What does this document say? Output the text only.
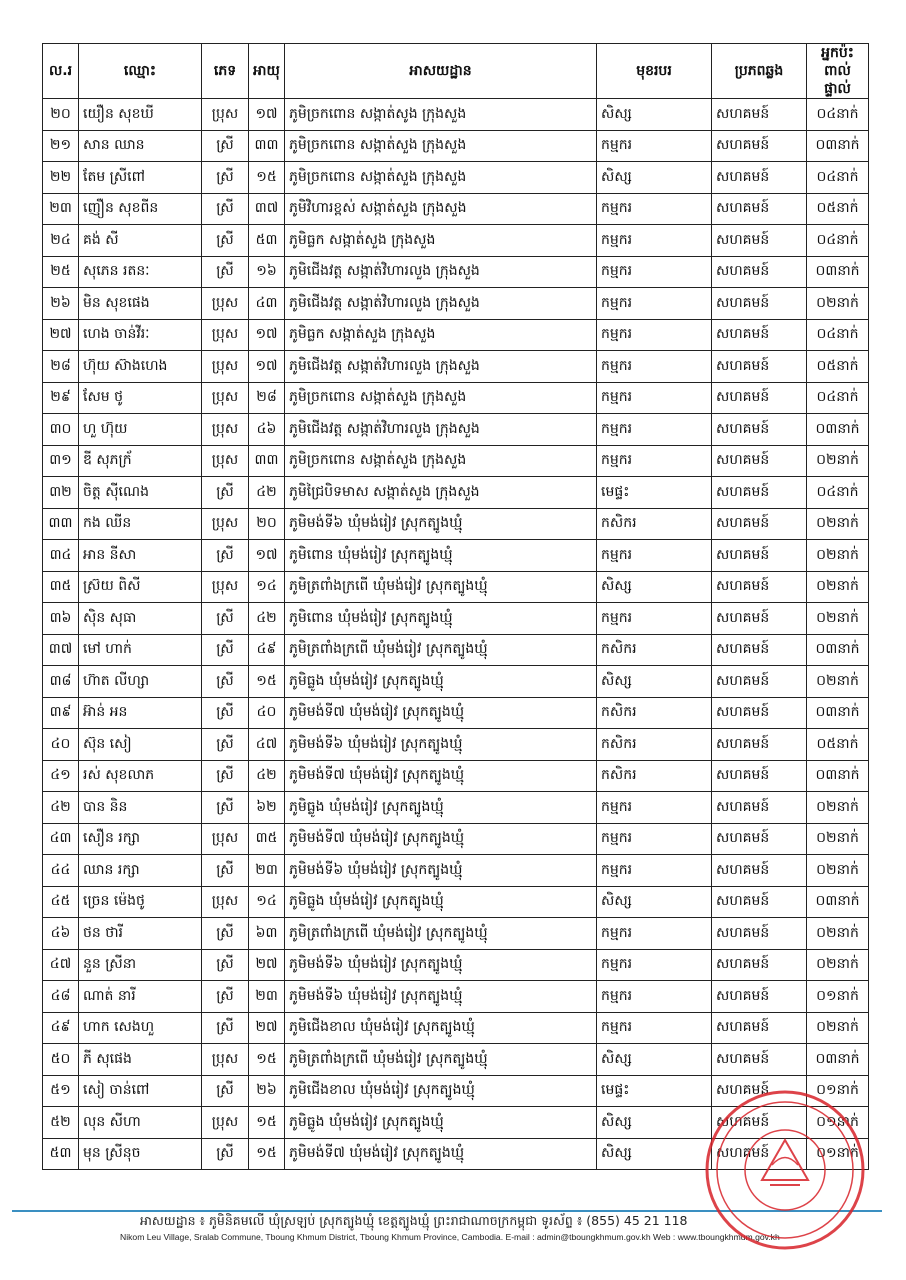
ល.រ	ឈ្មោះ	ភេទ	អាយុ	អាសយដ្ឋាន	មុខរបរ	ប្រភពឆ្លង	អ្នកប៉ះពាល់ផ្ទាល់
២០	យឿន សុខឃី	ប្រុស	១៧	ភូមិច្រកពោន សង្កាត់សូង ក្រុងសួង	សិស្ស	សហគមន៍	០៤នាក់
២១	សាន ឈាន	ស្រី	៣៣	ភូមិច្រកពោន សង្កាត់សួង ក្រុងសួង	កម្មករ	សហគមន៍	០៣នាក់
២២	តែម ស្រីពៅ	ស្រី	១៥	ភូមិច្រកពោន សង្កាត់សួង ក្រុងសួង	សិស្ស	សហគមន៍	០៤នាក់
២៣	ញឿន សុខពីន	ស្រី	៣៧	ភូមិវិហារខ្ពស់ សង្កាត់សួង ក្រុងសួង	កម្មករ	សហគមន៍	០៥នាក់
២៤	គង់ សី	ស្រី	៥៣	ភូមិធ្លក សង្កាត់សួង ក្រុងសួង	កម្មករ	សហគមន៍	០៤នាក់
២៥	សុភេន រតនៈ	ស្រី	១៦	ភូមិជើងវត្ត សង្កាត់វិហារលួង ក្រុងសួង	កម្មករ	សហគមន៍	០៣នាក់
២៦	មិន សុខផេង	ប្រុស	៤៣	ភូមិជើងវត្ត សង្កាត់វិហារលួង ក្រុងសួង	កម្មករ	សហគមន៍	០២នាក់
២៧	ហេង ចាន់វីរៈ	ប្រុស	១៧	ភូមិធ្លក សង្កាត់សួង ក្រុងសួង	កម្មករ	សហគមន៍	០៤នាក់
២៨	ហ៊ុយ ស៊ាងហេង	ប្រុស	១៧	ភូមិជើងវត្ត សង្កាត់វិហារលួង ក្រុងសួង	កម្មករ	សហគមន៍	០៥នាក់
២៩	សែម ថូ	ប្រុស	២៨	ភូមិច្រកពោន សង្កាត់សួង ក្រុងសួង	កម្មករ	សហគមន៍	០៤នាក់
៣០	ហួ ហ៊ុយ	ប្រុស	៤៦	ភូមិជើងវត្ត សង្កាត់វិហារលួង ក្រុងសួង	កម្មករ	សហគមន៍	០៣នាក់
៣១	ឌី សុភក្រ័	ប្រុស	៣៣	ភូមិច្រកពោន សង្កាត់សួង ក្រុងសួង	កម្មករ	សហគមន៍	០២នាក់
៣២	ចិត្ត ស៊ីណេង	ស្រី	៤២	ភូមិជ្រៃបិទមាស សង្កាត់សួង ក្រុងសួង	មេផ្ទះ	សហគមន៍	០៤នាក់
៣៣	កង ឈីន	ប្រុស	២០	ភូមិមង់ទី៦ ឃុំមង់រៀវ ស្រុកត្បូងឃ្មុំ	កសិករ	សហគមន៍	០២នាក់
៣៤	អាន នីសា	ស្រី	១៧	ភូមិពោន ឃុំមង់រៀវ ស្រុកត្បូងឃ្មុំ	កម្មករ	សហគមន៍	០២នាក់
៣៥	ស្រ៊យ ពិសី	ប្រុស	១៤	ភូមិត្រពាំងក្រពើ ឃុំមង់រៀវ ស្រុកត្បូងឃ្មុំ	សិស្ស	សហគមន៍	០២នាក់
៣៦	ស៊ិន សុធា	ស្រី	៤២	ភូមិពោន ឃុំមង់រៀវ ស្រុកត្បូងឃ្មុំ	កម្មករ	សហគមន៍	០២នាក់
៣៧	មៅ ហាក់	ស្រី	៤៩	ភូមិត្រពាំងក្រពើ ឃុំមង់រៀវ ស្រុកត្បូងឃ្មុំ	កសិករ	សហគមន៍	០៣នាក់
៣៨	ហ៊ាត លីហ្សា	ស្រី	១៥	ភូមិធ្លូង ឃុំមង់រៀវ ស្រុកត្បូងឃ្មុំ	សិស្ស	សហគមន៍	០២នាក់
៣៩	អ៊ាន់ អន	ស្រី	៤០	ភូមិមង់ទី៧ ឃុំមង់រៀវ ស្រុកត្បូងឃ្មុំ	កសិករ	សហគមន៍	០៣នាក់
៤០	ស៊ុន សៀ	ស្រី	៤៧	ភូមិមង់ទី៦ ឃុំមង់រៀវ ស្រុកត្បូងឃ្មុំ	កសិករ	សហគមន៍	០៥នាក់
៤១	រស់ សុខលាភ	ស្រី	៤២	ភូមិមង់ទី៧ ឃុំមង់រៀវ ស្រុកត្បូងឃ្មុំ	កសិករ	សហគមន៍	០៣នាក់
៤២	បាន និន	ស្រី	៦២	ភូមិធ្លូង ឃុំមង់រៀវ ស្រុកត្បូងឃ្មុំ	កម្មករ	សហគមន៍	០២នាក់
៤៣	សឿន រក្សា	ប្រុស	៣៥	ភូមិមង់ទី៧ ឃុំមង់រៀវ ស្រុកត្បូងឃ្មុំ	កម្មករ	សហគមន៍	០២នាក់
៤៤	ឈាន រក្សា	ស្រី	២៣	ភូមិមង់ទី៦ ឃុំមង់រៀវ ស្រុកត្បូងឃ្មុំ	កម្មករ	សហគមន៍	០២នាក់
៤៥	ច្រេន ម៉េងថូ	ប្រុស	១៤	ភូមិធ្លូង ឃុំមង់រៀវ ស្រុកត្បូងឃ្មុំ	សិស្ស	សហគមន៍	០៣នាក់
៤៦	ថន ថារី	ស្រី	៦៣	ភូមិត្រពាំងក្រពើ ឃុំមង់រៀវ ស្រុកត្បូងឃ្មុំ	កម្មករ	សហគមន៍	០២នាក់
៤៧	នួន ស្រីនា	ស្រី	២៧	ភូមិមង់ទី៦ ឃុំមង់រៀវ ស្រុកត្បូងឃ្មុំ	កម្មករ	សហគមន៍	០២នាក់
៤៨	ណាត់ នារី	ស្រី	២៣	ភូមិមង់ទី៦ ឃុំមង់រៀវ ស្រុកត្បូងឃ្មុំ	កម្មករ	សហគមន៍	០១នាក់
៤៩	ហាក សេងហួ	ស្រី	២៧	ភូមិជើងខាល ឃុំមង់រៀវ ស្រុកត្បូងឃ្មុំ	កម្មករ	សហគមន៍	០២នាក់
៥០	ភី សុផេង	ប្រុស	១៥	ភូមិត្រពាំងក្រពើ ឃុំមង់រៀវ ស្រុកត្បូងឃ្មុំ	សិស្ស	សហគមន៍	០៣នាក់
៥១	សៀ ចាន់ពៅ	ស្រី	២៦	ភូមិជើងខាល ឃុំមង់រៀវ ស្រុកត្បូងឃ្មុំ	មេផ្ទះ	សហគមន៍	០១នាក់
៥២	លុន សីហា	ប្រុស	១៥	ភូមិធ្លូង ឃុំមង់រៀវ ស្រុកត្បូងឃ្មុំ	សិស្ស	សហគមន៍	០១នាក់
៥៣	មុន ស្រីនុច	ស្រី	១៥	ភូមិមង់ទី៧ ឃុំមង់រៀវ ស្រុកត្បូងឃ្មុំ	សិស្ស	សហគមន៍	០១នាក់
អាសយដ្ឋាន ៖ ភូមិនិគមលើ ឃុំស្រឡប់ ស្រុកត្បូងឃ្មុំ ខេត្តត្បូងឃ្មុំ ព្រះរាជាណាចក្រកម្ពុជា ទូរស័ព្ទ ៖ (855) 45 21 118
Nikom Leu Village, Sralab Commune, Tboung Khmum District, Tboung Khmum Province, Cambodia. E-mail : admin@tboungkhmum.gov.kh Web : www.tboungkhmum.gov.kh
